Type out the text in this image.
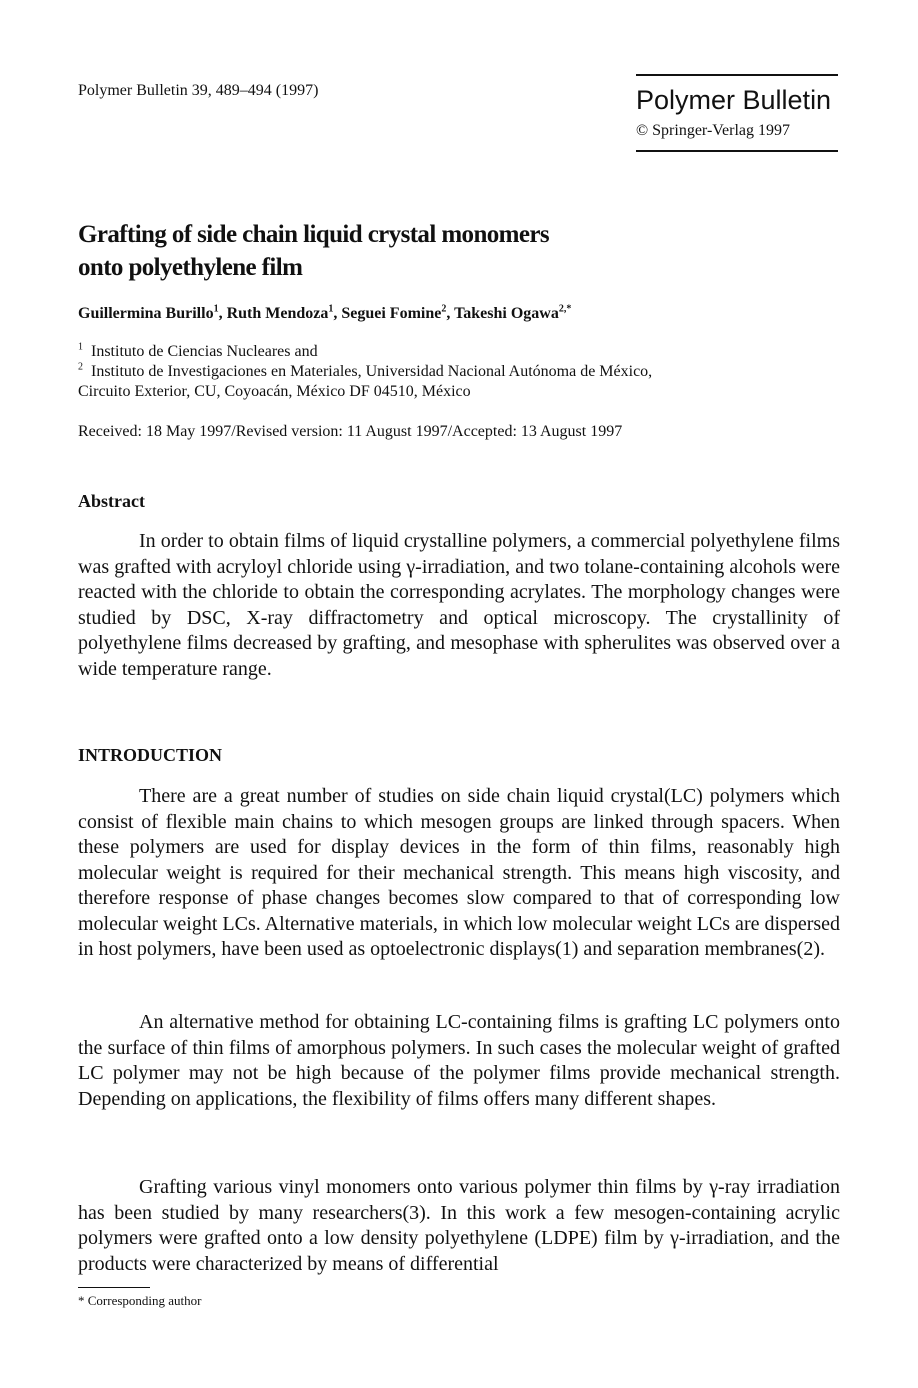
Polymer Bulletin 39, 489–494 (1997)	Polymer Bulletin
© Springer-Verlag 1997
Grafting of side chain liquid crystal monomers
onto polyethylene film
Guillermina Burillo$^1$, Ruth Mendoza$^1$, Seguei Fomine$^2$, Takeshi Ogawa$^{2,*}$
$^1$ Instituto de Ciencias Nucleares and
$^2$ Instituto de Investigaciones en Materiales, Universidad Nacional Autónoma de México,
Circuito Exterior, CU, Coyoacán, México DF 04510, México
Received: 18 May 1997/Revised version: 11 August 1997/Accepted: 13 August 1997
Abstract
In order to obtain films of liquid crystalline polymers, a commercial polyethylene films was grafted with acryloyl chloride using γ-irradiation, and two tolane-containing alcohols were reacted with the chloride to obtain the corresponding acrylates. The morphology changes were studied by DSC, X-ray diffractometry and optical microscopy. The crystallinity of polyethylene films decreased by grafting, and mesophase with spherulites was observed over a wide temperature range.
INTRODUCTION
There are a great number of studies on side chain liquid crystal(LC) polymers which consist of flexible main chains to which mesogen groups are linked through spacers. When these polymers are used for display devices in the form of thin films, reasonably high molecular weight is required for their mechanical strength. This means high viscosity, and therefore response of phase changes becomes slow compared to that of corresponding low molecular weight LCs. Alternative materials, in which low molecular weight LCs are dispersed in host polymers, have been used as optoelectronic displays(1) and separation membranes(2).
An alternative method for obtaining LC-containing films is grafting LC polymers onto the surface of thin films of amorphous polymers. In such cases the molecular weight of grafted LC polymer may not be high because of the polymer films provide mechanical strength. Depending on applications, the flexibility of films offers many different shapes.
Grafting various vinyl monomers onto various polymer thin films by γ-ray irradiation has been studied by many researchers(3). In this work a few mesogen-containing acrylic polymers were grafted onto a low density polyethylene (LDPE) film by γ-irradiation, and the products were characterized by means of differential
* Corresponding author
